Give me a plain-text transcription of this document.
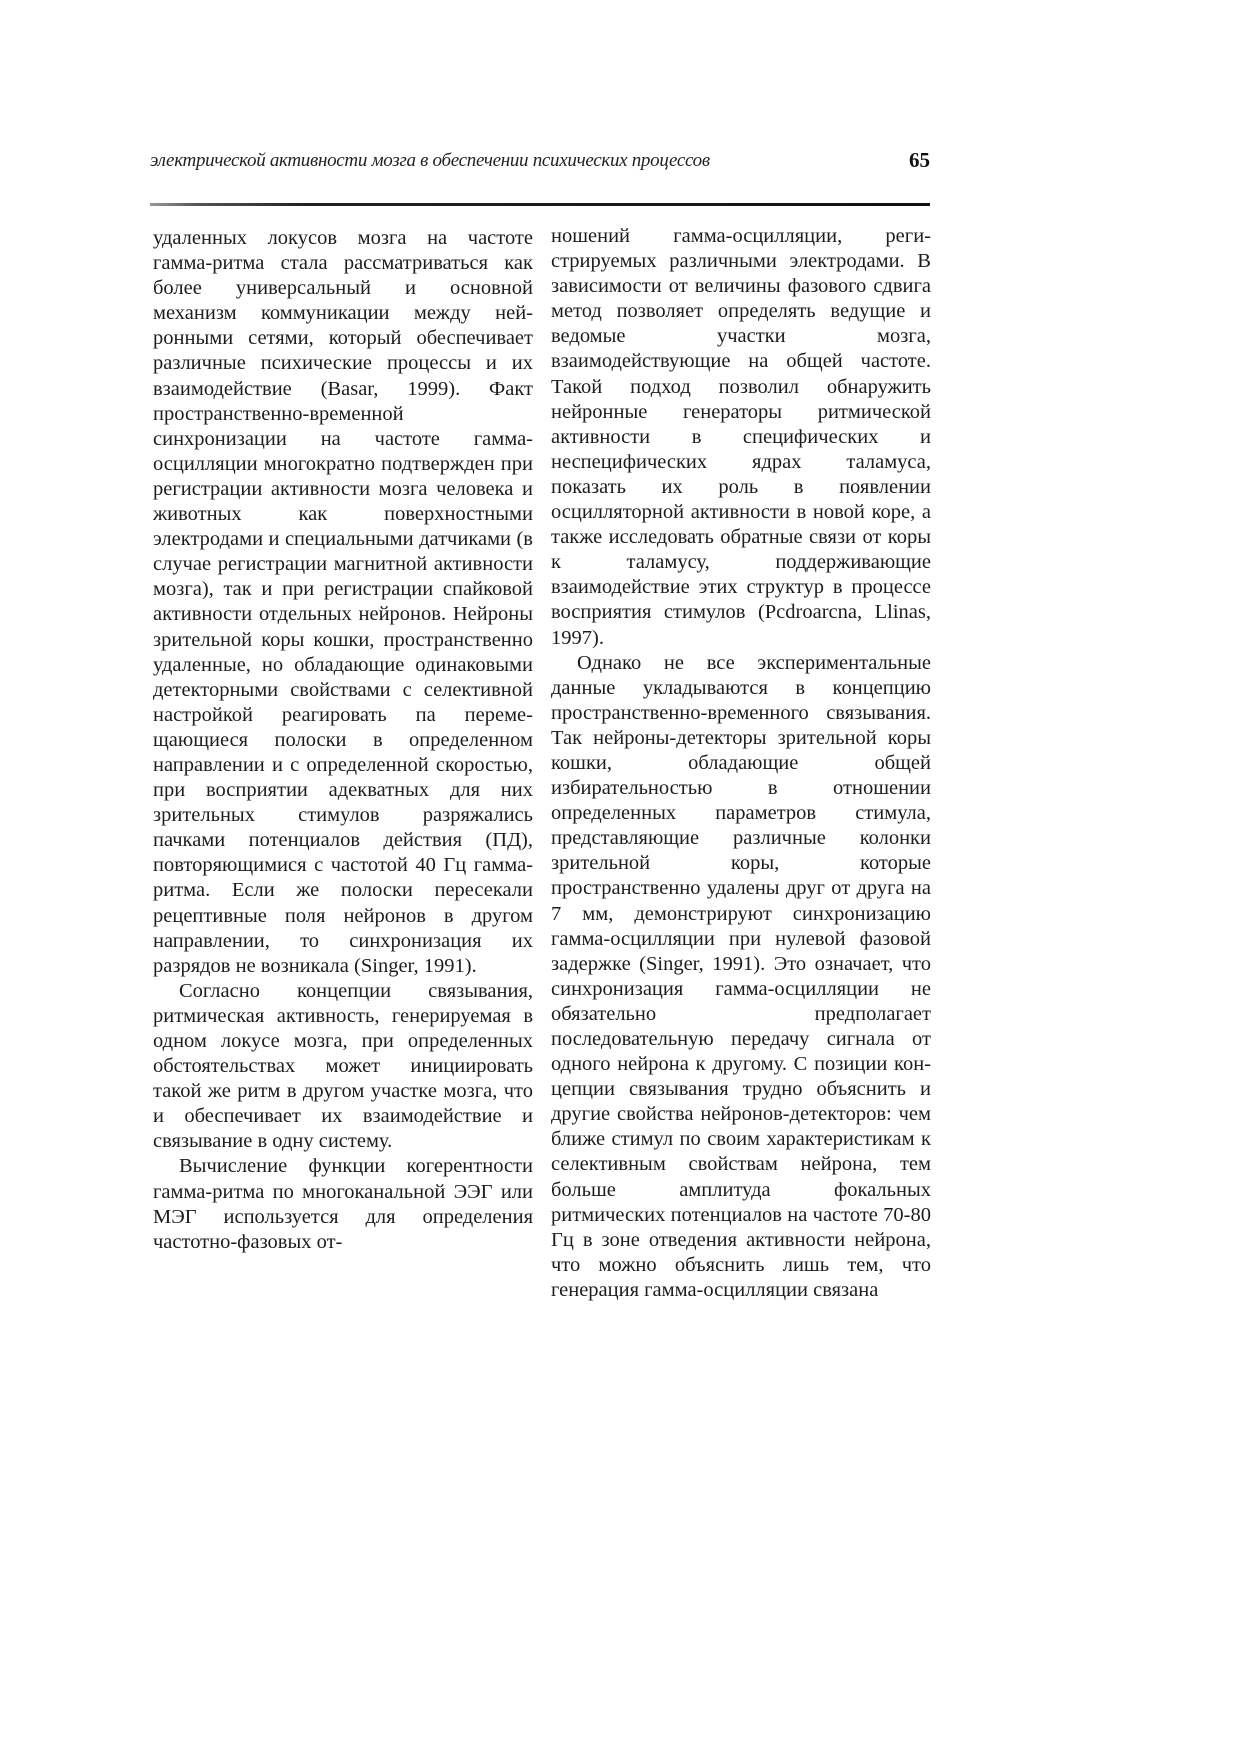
электрической активности мозга в обеспечении психических процессов	65

удаленных локусов мозга на частоте гамма-ритма стала рассматриваться как более универсальный и основной механизм коммуникации между нейронными сетями, который обеспечивает различные психические процессы и их взаимодействие (Basar, 1999). Факт пространственно-временной синхронизации на частоте гамма-осцилляции многократно подтвержден при регистрации активности мозга человека и животных как поверхностными электродами и специальными датчиками (в случае регистрации магнитной активности мозга), так и при регистрации спайковой активности отдельных нейронов. Нейроны зрительной коры кошки, пространственно удаленные, но обладающие одинаковыми детекторными свойствами с селективной настройкой реагировать па перемещающиеся полоски в определенном направлении и с определенной скоростью, при восприятии адекватных для них зрительных стимулов разряжались пачками потенциалов действия (ПД), повторяющимися с частотой 40 Гц гамма-ритма. Если же полоски пересекали рецептивные поля нейронов в другом направлении, то синхронизация их разрядов не возникала (Singer, 1991).

Согласно концепции связывания, ритмическая активность, генерируемая в одном локусе мозга, при определенных обстоятельствах может инициировать такой же ритм в другом участке мозга, что и обеспечивает их взаимодействие и связывание в одну систему.

Вычисление функции когерентности гамма-ритма по многоканальной ЭЭГ или МЭГ используется для определения частотно-фазовых от-

ношений гамма-осцилляции, регистрируемых различными электродами. В зависимости от величины фазового сдвига метод позволяет определять ведущие и ведомые участки мозга, взаимодействующие на общей частоте. Такой подход позволил обнаружить нейронные генераторы ритмической активности в специфических и неспецифических ядрах таламуса, показать их роль в появлении осцилляторной активности в новой коре, а также исследовать обратные связи от коры к таламусу, поддерживающие взаимодействие этих структур в процессе восприятия стимулов (Pcdroarcna, Llinas, 1997).

Однако не все экспериментальные данные укладываются в концепцию пространственно-временного связывания. Так нейроны-детекторы зрительной коры кошки, обладающие общей избирательностью в отношении определенных параметров стимула, представляющие различные колонки зрительной коры, которые пространственно удалены друг от друга на 7 мм, демонстрируют синхронизацию гамма-осцилляции при нулевой фазовой задержке (Singer, 1991). Это означает, что синхронизация гамма-осцилляции не обязательно предполагает последовательную передачу сигнала от одного нейрона к другому. С позиции концепции связывания трудно объяснить и другие свойства нейронов-детекторов: чем ближе стимул по своим характеристикам к селективным свойствам нейрона, тем больше амплитуда фокальных ритмических потенциалов на частоте 70-80 Гц в зоне отведения активности нейрона, что можно объяснить лишь тем, что генерация гамма-осцилляции связана
